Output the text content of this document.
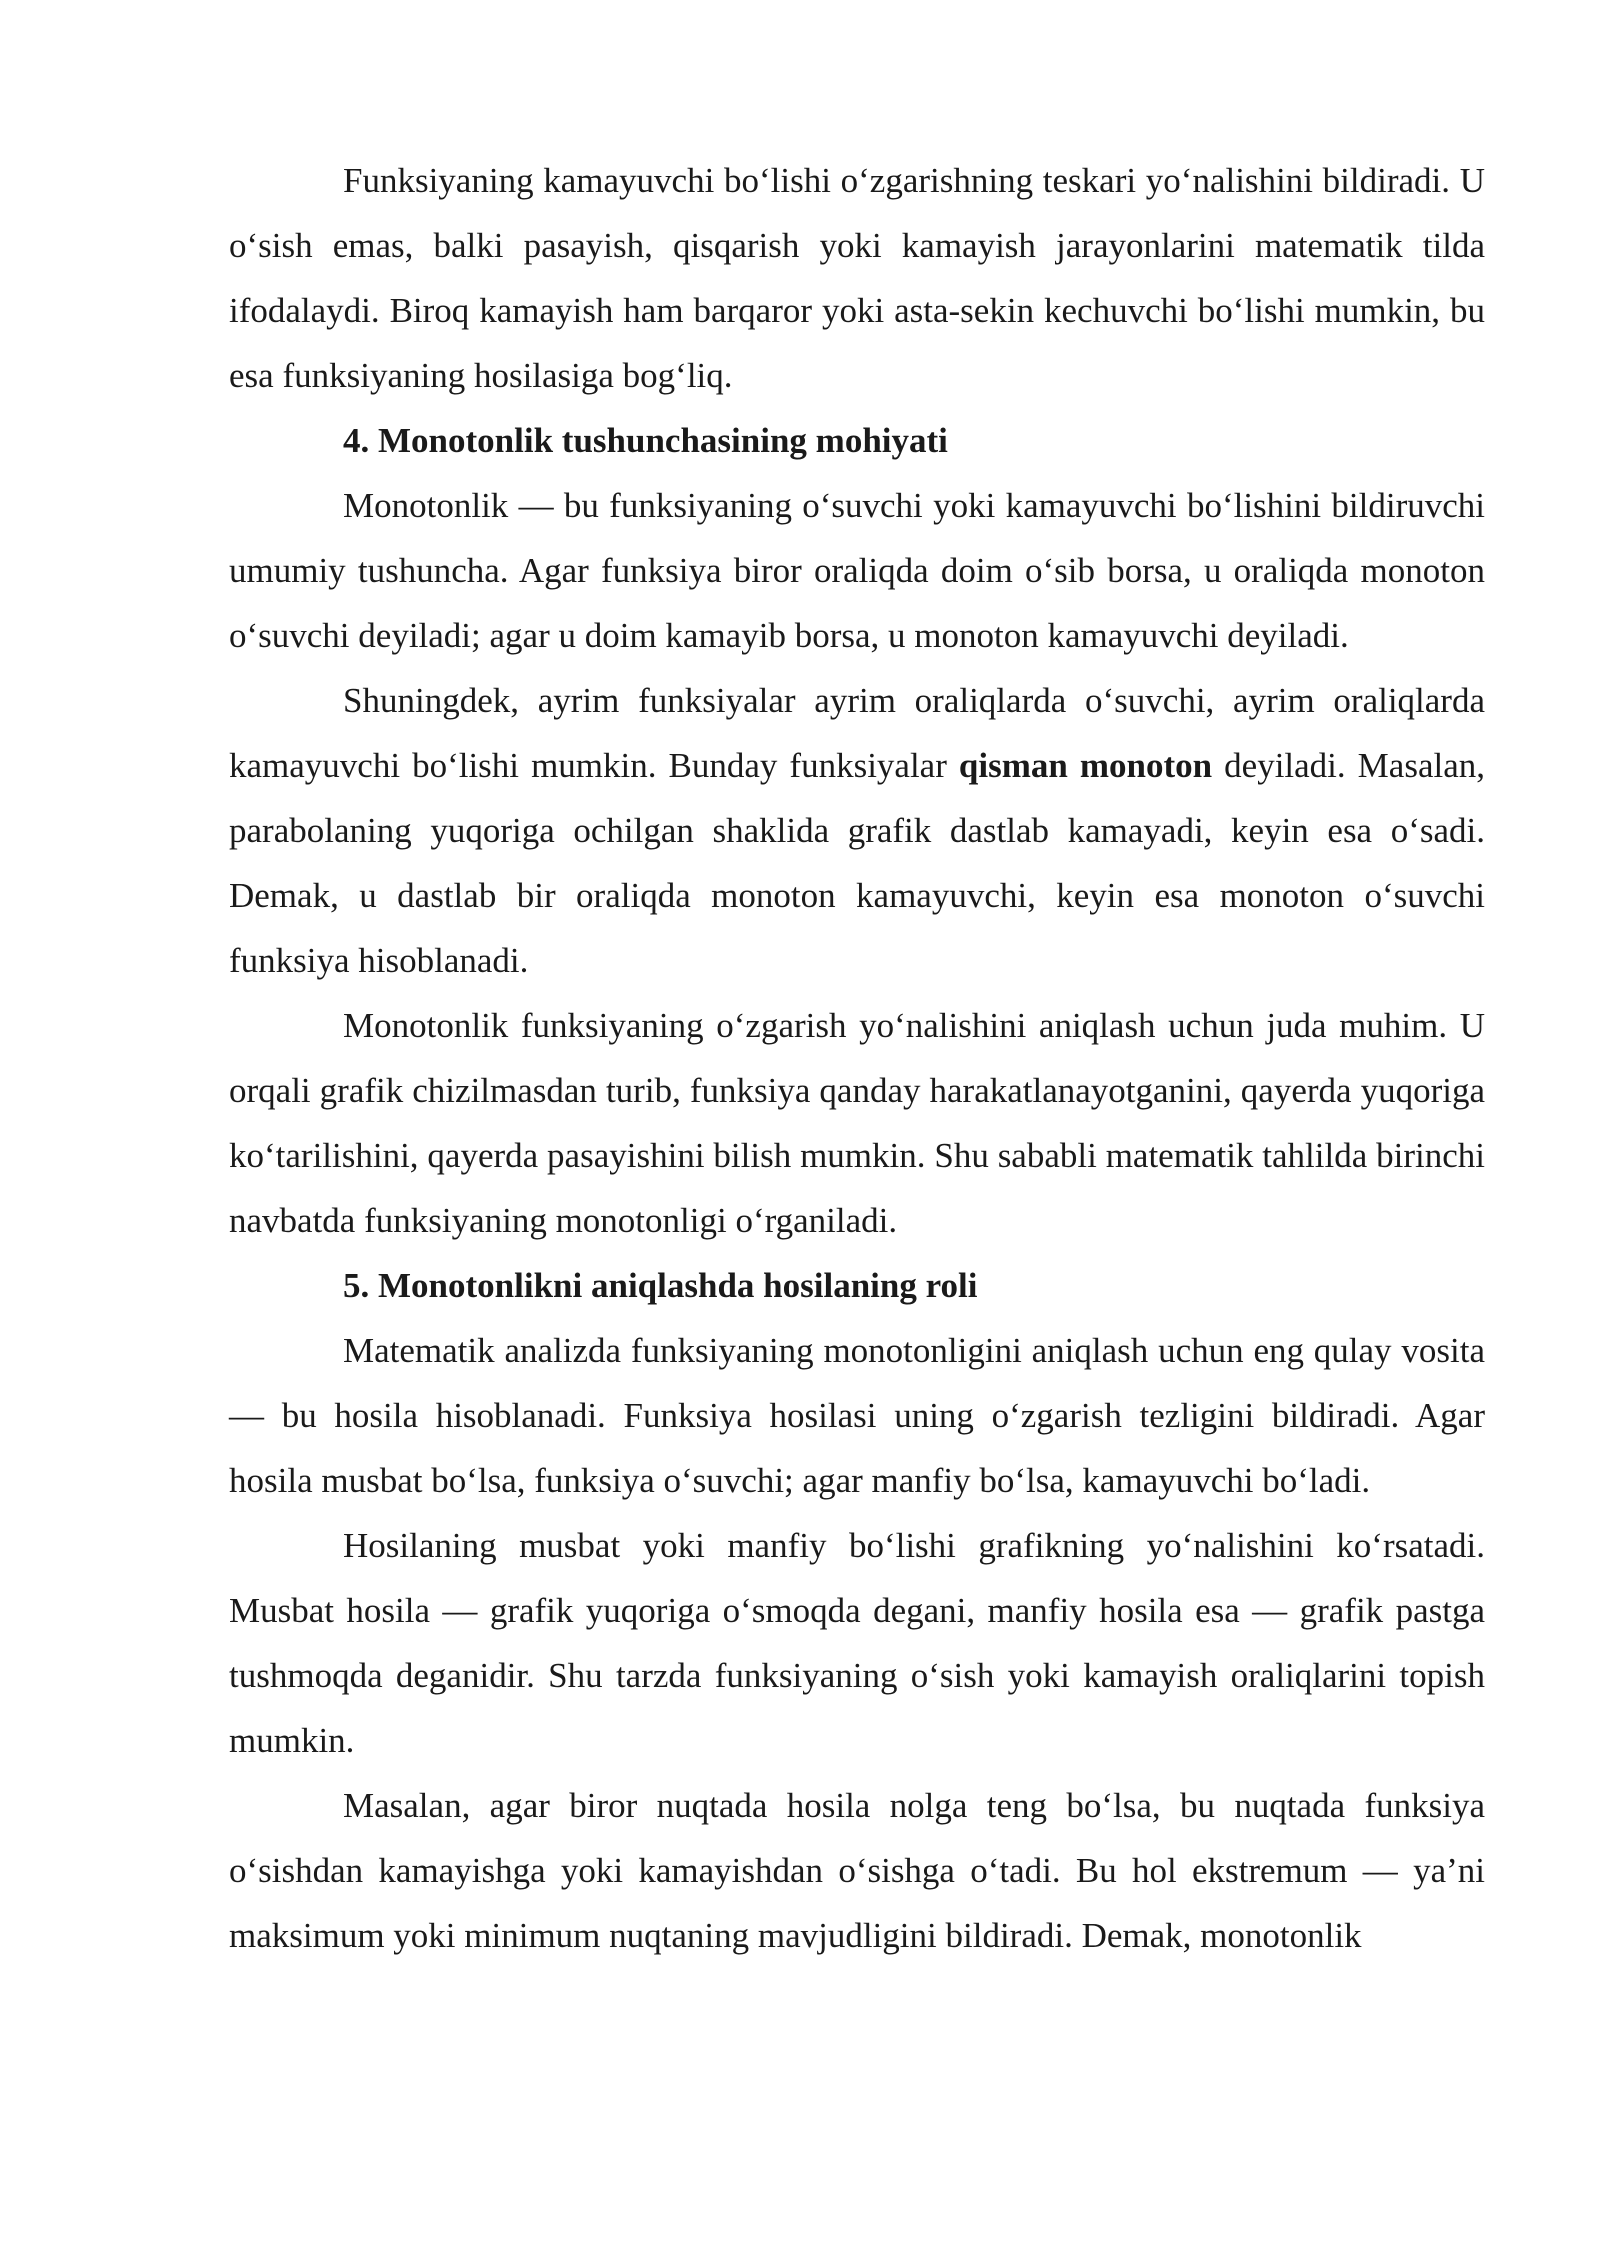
Funksiyaning kamayuvchi bo‘lishi o‘zgarishning teskari yo‘nalishini bildiradi. U o‘sish emas, balki pasayish, qisqarish yoki kamayish jarayonlarini matematik tilda ifodalaydi. Biroq kamayish ham barqaror yoki asta-sekin kechuvchi bo‘lishi mumkin, bu esa funksiyaning hosilasiga bog‘liq.

4. Monotonlik tushunchasining mohiyati

Monotonlik — bu funksiyaning o‘suvchi yoki kamayuvchi bo‘lishini bildiruvchi umumiy tushuncha. Agar funksiya biror oraliqda doim o‘sib borsa, u oraliqda monoton o‘suvchi deyiladi; agar u doim kamayib borsa, u monoton kamayuvchi deyiladi.

Shuningdek, ayrim funksiyalar ayrim oraliqlarda o‘suvchi, ayrim oraliqlarda kamayuvchi bo‘lishi mumkin. Bunday funksiyalar qisman monoton deyiladi. Masalan, parabolaning yuqoriga ochilgan shaklida grafik dastlab kamayadi, keyin esa o‘sadi. Demak, u dastlab bir oraliqda monoton kamayuvchi, keyin esa monoton o‘suvchi funksiya hisoblanadi.

Monotonlik funksiyaning o‘zgarish yo‘nalishini aniqlash uchun juda muhim. U orqali grafik chizilmasdan turib, funksiya qanday harakatlanayotganini, qayerda yuqoriga ko‘tarilishini, qayerda pasayishini bilish mumkin. Shu sababli matematik tahlilda birinchi navbatda funksiyaning monotonligi o‘rganiladi.

5. Monotonlikni aniqlashda hosilaning roli

Matematik analizda funksiyaning monotonligini aniqlash uchun eng qulay vosita — bu hosila hisoblanadi. Funksiya hosilasi uning o‘zgarish tezligini bildiradi. Agar hosila musbat bo‘lsa, funksiya o‘suvchi; agar manfiy bo‘lsa, kamayuvchi bo‘ladi.

Hosilaning musbat yoki manfiy bo‘lishi grafikning yo‘nalishini ko‘rsatadi. Musbat hosila — grafik yuqoriga o‘smoqda degani, manfiy hosila esa — grafik pastga tushmoqda deganidir. Shu tarzda funksiyaning o‘sish yoki kamayish oraliqlarini topish mumkin.

Masalan, agar biror nuqtada hosila nolga teng bo‘lsa, bu nuqtada funksiya o‘sishdan kamayishga yoki kamayishdan o‘sishga o‘tadi. Bu hol ekstremum — ya’ni maksimum yoki minimum nuqtaning mavjudligini bildiradi. Demak, monotonlik
